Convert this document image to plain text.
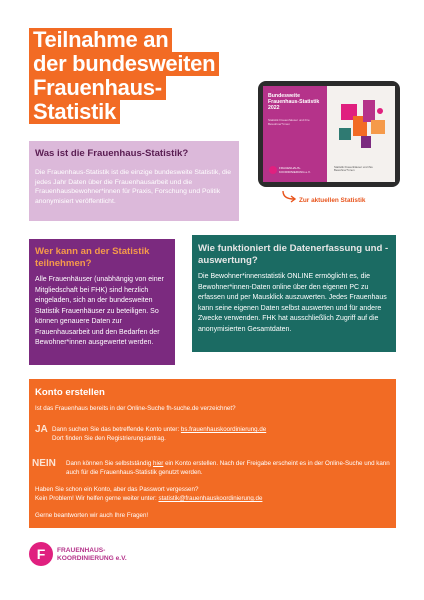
Teilnahme an
der bundesweiten
Frauenhaus-
Statistik
Bundesweite Frauenhaus-Statistik 2022
Statistik Frauenhäuser und ihre Bewohner*innen
FRAUENHAUS-KOORDINIERUNG e.V.
Statistik Frauenhäuser und ihre Bewohner*innen
Zur aktuellen Statistik
Was ist die Frauenhaus-Statistik?

Die Frauenhaus-Statistik ist die einzige bundesweite Statistik, die jedes Jahr Daten über die Frauenhausarbeit und die Frauenhausbewohner*innen für Praxis, Forschung und Politik anonymisiert veröffentlicht.

Wer kann an der Statistik teilnehmen?

Alle Frauenhäuser (unabhängig von einer Mitgliedschaft bei FHK) sind herzlich eingeladen, sich an der bundesweiten Statistik Frauenhäuser zu beteiligen. So können genauere Daten zur Frauenhausarbeit und den Bedarfen der Bewohner*innen ausgewertet werden.

Wie funktioniert die Datenerfassung und -auswertung?

Die Bewohner*innenstatistik ONLINE ermöglicht es, die Bewohner*innen-Daten online über den eigenen PC zu erfassen und per Mausklick auszuwerten. Jedes Frauenhaus kann seine eigenen Daten selbst auswerten und für andere Zwecke verwenden. FHK hat ausschließlich Zugriff auf die anonymisierten Gesamtdaten.

Konto erstellen
Ist das Frauenhaus bereits in der Online-Suche fh-suche.de verzeichnet?
JA Dann suchen Sie das betreffende Konto unter: bs.frauenhauskoordinierung.de
Dort finden Sie den Registrierungsantrag.
NEIN Dann können Sie selbstständig hier ein Konto erstellen. Nach der Freigabe erscheint es in der Online-Suche und kann auch für die Frauenhaus-Statistik genutzt werden.
Haben Sie schon ein Konto, aber das Passwort vergessen?
Kein Problem! Wir helfen gerne weiter unter: statistik@frauenhauskoordinierung.de
Gerne beantworten wir auch Ihre Fragen!
F FRAUENHAUS-
KOORDINIERUNG e.V.
